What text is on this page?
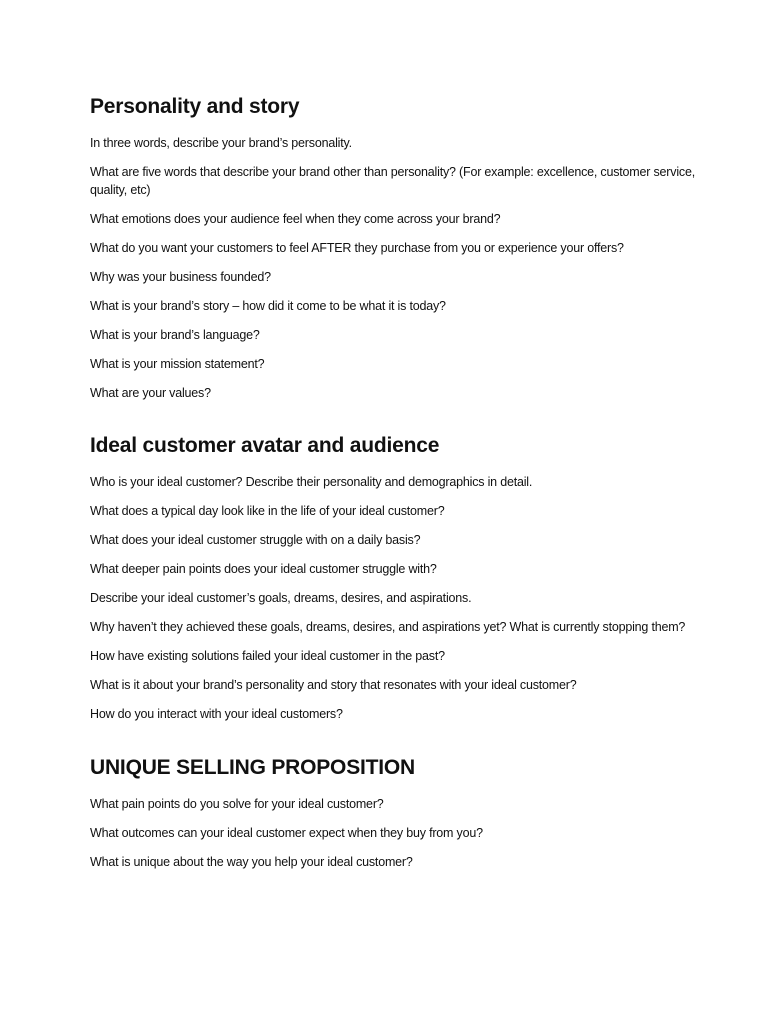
Personality and story

In three words, describe your brand’s personality.

What are five words that describe your brand other than personality? (For example: excellence, customer service, quality, etc)

What emotions does your audience feel when they come across your brand?

What do you want your customers to feel AFTER they purchase from you or experience your offers?

Why was your business founded?

What is your brand’s story – how did it come to be what it is today?

What is your brand’s language?

What is your mission statement?

What are your values?

Ideal customer avatar and audience

Who is your ideal customer? Describe their personality and demographics in detail.

What does a typical day look like in the life of your ideal customer?

What does your ideal customer struggle with on a daily basis?

What deeper pain points does your ideal customer struggle with?

Describe your ideal customer’s goals, dreams, desires, and aspirations.

Why haven’t they achieved these goals, dreams, desires, and aspirations yet? What is currently stopping them?

How have existing solutions failed your ideal customer in the past?

What is it about your brand’s personality and story that resonates with your ideal customer?

How do you interact with your ideal customers?

UNIQUE SELLING PROPOSITION

What pain points do you solve for your ideal customer?

What outcomes can your ideal customer expect when they buy from you?

What is unique about the way you help your ideal customer?
